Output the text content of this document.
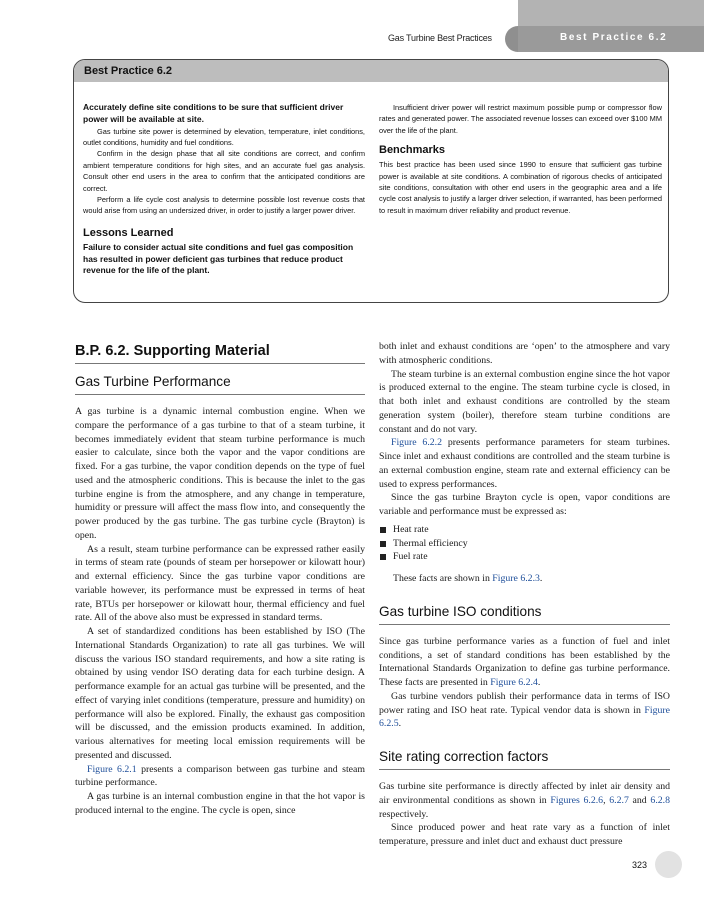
Gas Turbine Best Practices	Best Practice 6.2
Best Practice 6.2

Accurately define site conditions to be sure that sufficient driver power will be available at site.

Gas turbine site power is determined by elevation, temperature, inlet conditions, outlet conditions, humidity and fuel conditions.

Confirm in the design phase that all site conditions are correct, and confirm ambient temperature conditions for high sites, and an accurate fuel gas analysis. Consult other end users in the area to confirm that the anticipated conditions are correct.

Perform a life cycle cost analysis to determine possible lost revenue costs that would arise from using an undersized driver, in order to justify a larger power driver.

Lessons Learned

Failure to consider actual site conditions and fuel gas composition has resulted in power deficient gas turbines that reduce product revenue for the life of the plant.

Insufficient driver power will restrict maximum possible pump or compressor flow rates and generated power. The associated revenue losses can exceed over $100 MM over the life of the plant.

Benchmarks

This best practice has been used since 1990 to ensure that sufficient gas turbine power is available at site conditions. A combination of rigorous checks of anticipated site conditions, consultation with other end users in the geographic area and a life cycle cost analysis to justify a larger driver selection, if warranted, has been performed to result in maximum driver reliability and product revenue.

B.P. 6.2. Supporting Material
Gas Turbine Performance

A gas turbine is a dynamic internal combustion engine. When we compare the performance of a gas turbine to that of a steam turbine, it becomes immediately evident that steam turbine performance is much easier to calculate, since both the vapor and the vapor conditions are fixed. For a gas turbine, the vapor condition depends on the type of fuel used and the atmospheric conditions. This is because the inlet to the gas turbine engine is from the atmosphere, and any change in temperature, humidity or pressure will affect the mass flow into, and consequently the power produced by the gas turbine. The gas turbine cycle (Brayton) is open.

As a result, steam turbine performance can be expressed rather easily in terms of steam rate (pounds of steam per horsepower or kilowatt hour) and external efficiency. Since the gas turbine vapor conditions are variable however, its performance must be expressed in terms of heat rate, BTUs per horsepower or kilowatt hour, thermal efficiency and fuel rate. All of the above also must be expressed in standard terms.

A set of standardized conditions has been established by ISO (The International Standards Organization) to rate all gas turbines. We will discuss the various ISO standard requirements, and how a site rating is obtained by using vendor ISO derating data for each turbine design. A performance example for an actual gas turbine will be presented, and the effect of varying inlet conditions (temperature, pressure and humidity) on performance will also be explored. Finally, the exhaust gas composition will be discussed, and the emission products examined. In addition, various alternatives for meeting local emission requirements will be presented and discussed.

Figure 6.2.1 presents a comparison between gas turbine and steam turbine performance.

A gas turbine is an internal combustion engine in that the hot vapor is produced internal to the engine. The cycle is open, since

both inlet and exhaust conditions are ‘open’ to the atmosphere and vary with atmospheric conditions.

The steam turbine is an external combustion engine since the hot vapor is produced external to the engine. The steam turbine cycle is closed, in that both inlet and exhaust conditions are controlled by the steam generation system (boiler), therefore steam turbine conditions are constant and do not vary.

Figure 6.2.2 presents performance parameters for steam turbines. Since inlet and exhaust conditions are controlled and the steam turbine is an external combustion engine, steam rate and external efficiency can be used to express performances.

Since the gas turbine Brayton cycle is open, vapor conditions are variable and performance must be expressed as:

Heat rate
Thermal efficiency
Fuel rate

These facts are shown in Figure 6.2.3.

Gas turbine ISO conditions

Since gas turbine performance varies as a function of fuel and inlet conditions, a set of standard conditions has been established by the International Standards Organization to define gas turbine performance. These facts are presented in Figure 6.2.4.

Gas turbine vendors publish their performance data in terms of ISO power rating and ISO heat rate. Typical vendor data is shown in Figure 6.2.5.

Site rating correction factors

Gas turbine site performance is directly affected by inlet air density and air environmental conditions as shown in Figures 6.2.6, 6.2.7 and 6.2.8 respectively.

Since produced power and heat rate vary as a function of inlet temperature, pressure and inlet duct and exhaust duct pressure

323
